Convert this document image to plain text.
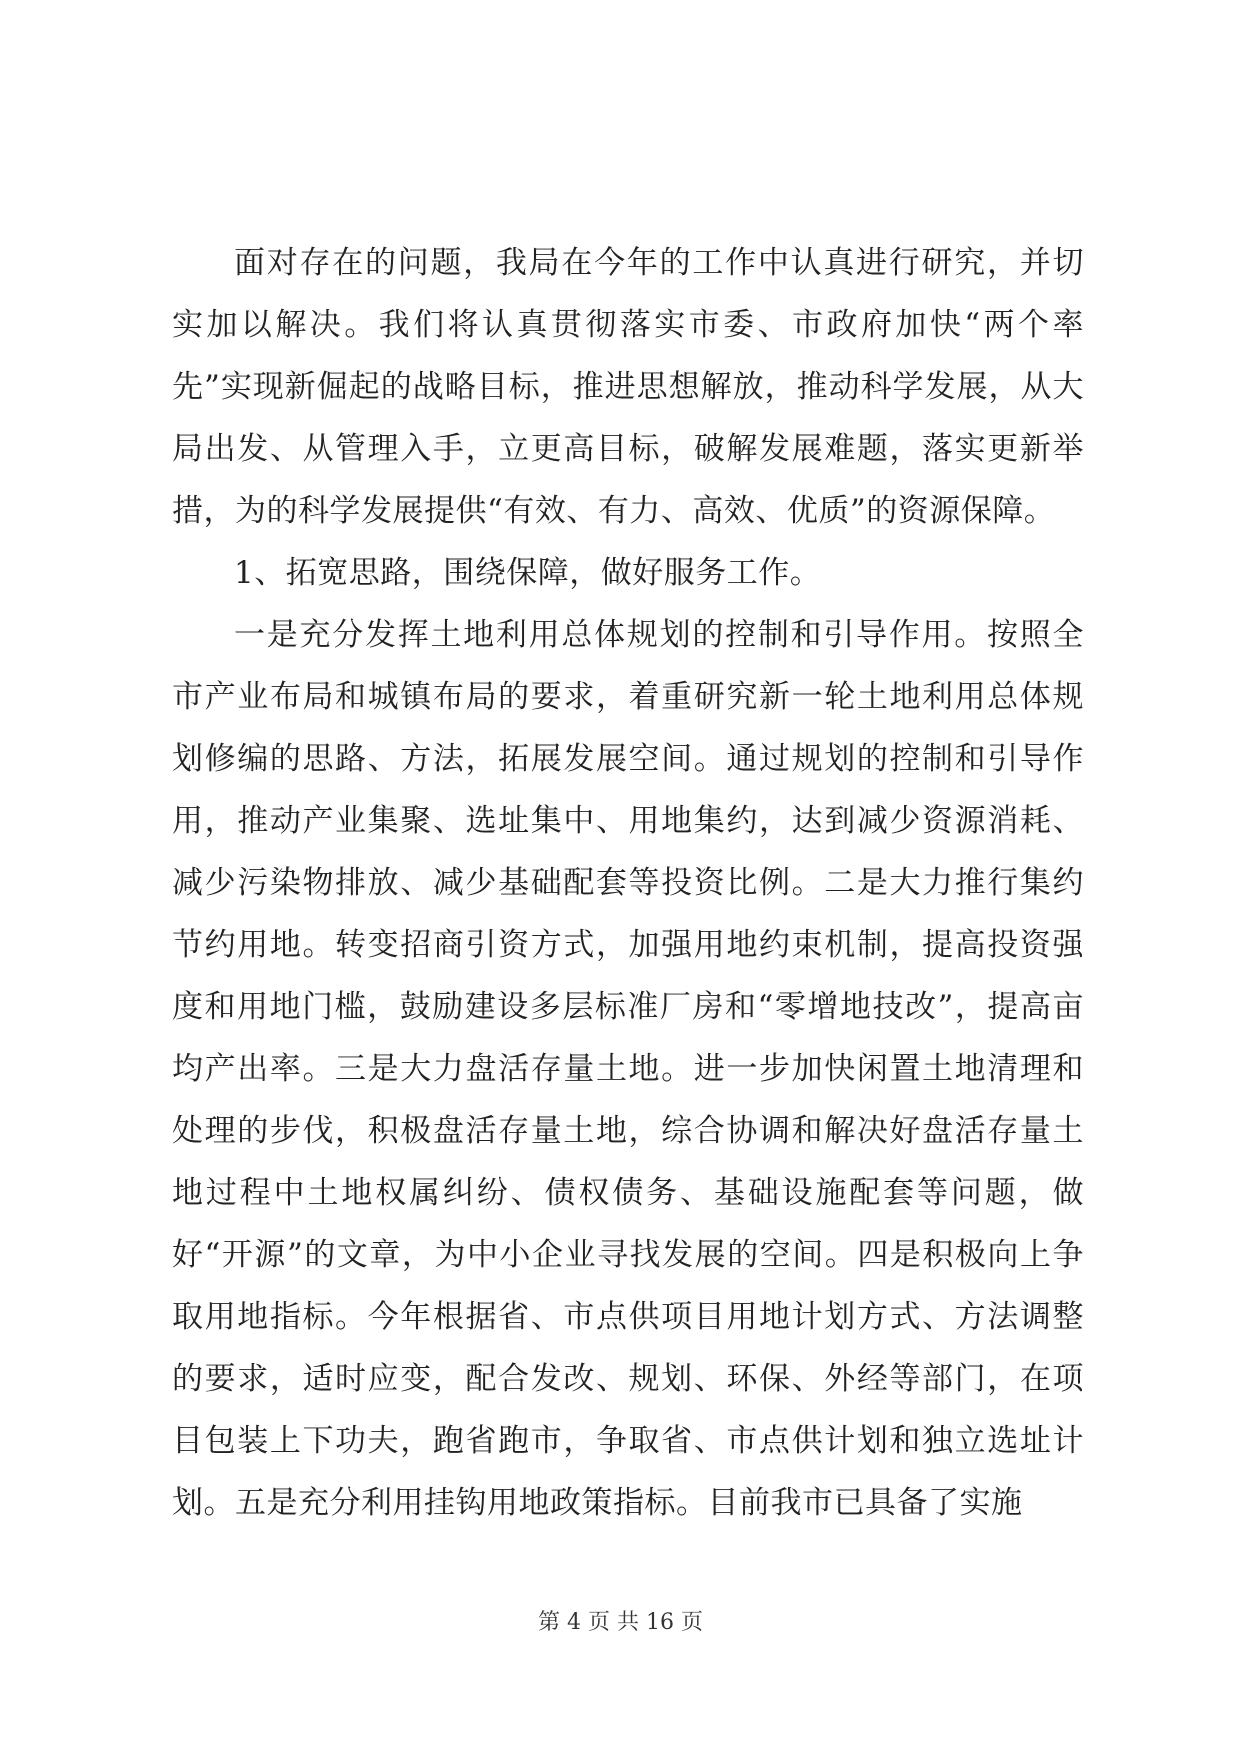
面对存在的问题，我局在今年的工作中认真进行研究，并切实加以解决。我们将认真贯彻落实市委、市政府加快“两个率先”实现新倔起的战略目标，推进思想解放，推动科学发展，从大局出发、从管理入手，立更高目标，破解发展难题，落实更新举措，为的科学发展提供“有效、有力、高效、优质”的资源保障。

1、拓宽思路，围绕保障，做好服务工作。

一是充分发挥土地利用总体规划的控制和引导作用。按照全市产业布局和城镇布局的要求，着重研究新一轮土地利用总体规划修编的思路、方法，拓展发展空间。通过规划的控制和引导作用，推动产业集聚、选址集中、用地集约，达到减少资源消耗、减少污染物排放、减少基础配套等投资比例。二是大力推行集约节约用地。转变招商引资方式，加强用地约束机制，提高投资强度和用地门槛，鼓励建设多层标准厂房和“零增地技改”，提高亩均产出率。三是大力盘活存量土地。进一步加快闲置土地清理和处理的步伐，积极盘活存量土地，综合协调和解决好盘活存量土地过程中土地权属纠纷、债权债务、基础设施配套等问题，做好“开源”的文章，为中小企业寻找发展的空间。四是积极向上争取用地指标。今年根据省、市点供项目用地计划方式、方法调整的要求，适时应变，配合发改、规划、环保、外经等部门，在项目包装上下功夫，跑省跑市，争取省、市点供计划和独立选址计划。五是充分利用挂钩用地政策指标。目前我市已具备了实施

第 4 页 共 16 页
